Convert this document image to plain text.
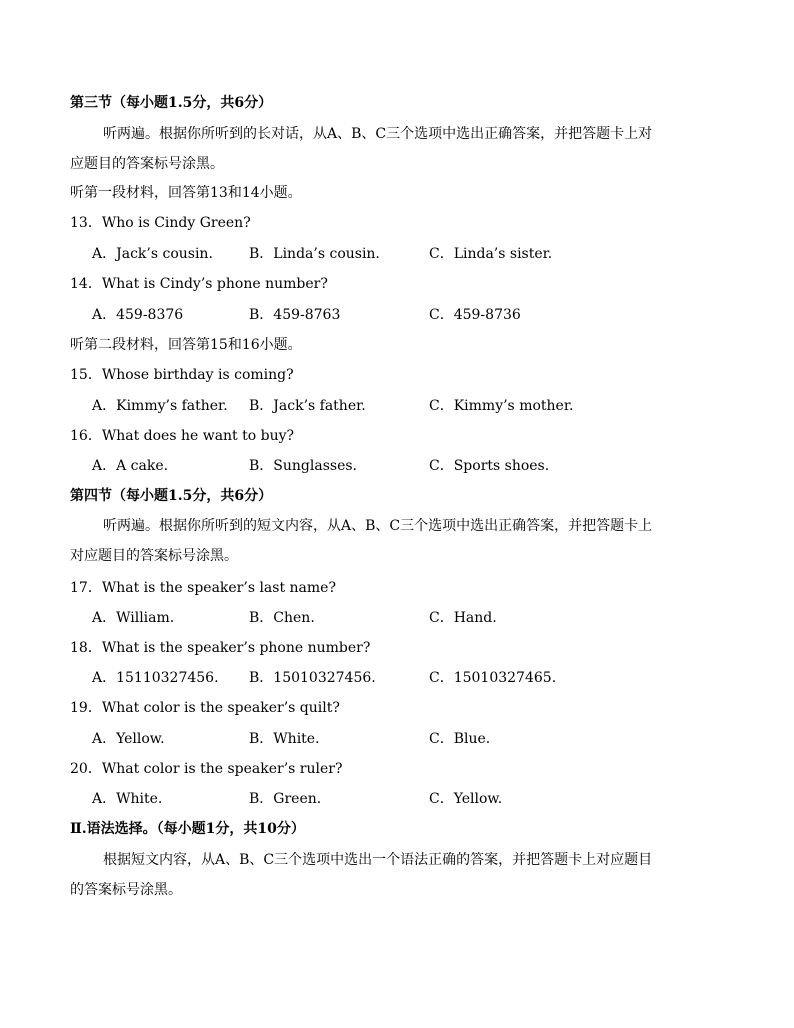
第三节（每小题1.5分，共6分）
听两遍。根据你所听到的长对话，从A、B、C三个选项中选出正确答案，并把答题卡上对
应题目的答案标号涂黑。
听第一段材料，回答第13和14小题。
13．Who is Cindy Green?
A．Jack’s cousin.	B．Linda’s cousin.	C．Linda’s sister.
14．What is Cindy’s phone number?
A．459-8376	B．459-8763	C．459-8736
听第二段材料，回答第15和16小题。
15．Whose birthday is coming?
A．Kimmy’s father. B．Jack’s father.	C．Kimmy’s mother.
16．What does he want to buy?
A．A cake.	B．Sunglasses.	C．Sports shoes.
第四节（每小题1.5分，共6分）
听两遍。根据你所听到的短文内容，从A、B、C三个选项中选出正确答案，并把答题卡上
对应题目的答案标号涂黑。
17．What is the speaker’s last name?
A．William.	B．Chen.	C．Hand.
18．What is the speaker’s phone number?
A．15110327456. B．15010327456.	C．15010327465.
19．What color is the speaker’s quilt?
A．Yellow.	B．White.	C．Blue.
20．What color is the speaker’s ruler?
A．White.	B．Green.	C．Yellow.
Ⅱ.语法选择。（每小题1分，共10分）
根据短文内容，从A、B、C三个选项中选出一个语法正确的答案，并把答题卡上对应题目
的答案标号涂黑。
